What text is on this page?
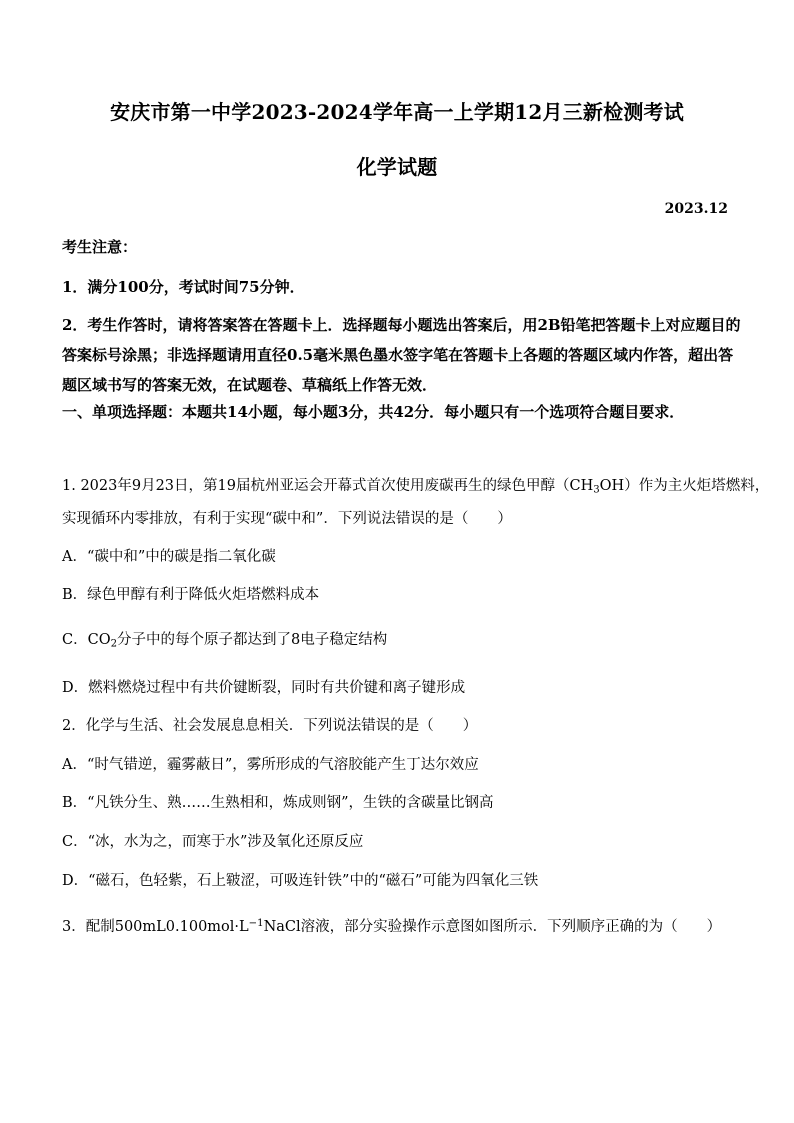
安庆市第一中学2023-2024学年高一上学期12月三新检测考试
化学试题
2023.12
考生注意：
1．满分100分，考试时间75分钟．
2．考生作答时，请将答案答在答题卡上．选择题每小题选出答案后，用2B铅笔把答题卡上对应题目的答案标号涂黑；非选择题请用直径0.5毫米黑色墨水签字笔在答题卡上各题的答题区域内作答，超出答题区域书写的答案无效，在试题卷、草稿纸上作答无效．
一、单项选择题：本题共14小题，每小题3分，共42分．每小题只有一个选项符合题目要求．
1. 2023年9月23日，第19届杭州亚运会开幕式首次使用废碳再生的绿色甲醇$(CH_3OH)$作为主火炬塔燃料，
实现循环内零排放，有利于实现“碳中和”．下列说法错误的是（　　）
A．“碳中和”中的碳是指二氧化碳
B．绿色甲醇有利于降低火炬塔燃料成本
C．$CO_2$分子中的每个原子都达到了8电子稳定结构
D．燃料燃烧过程中有共价键断裂，同时有共价键和离子键形成
2．化学与生活、社会发展息息相关．下列说法错误的是（　　）
A．“时气错逆，霾雾蔽日”，雾所形成的气溶胶能产生丁达尔效应
B．“凡铁分生、熟……生熟相和，炼成则钢”，生铁的含碳量比钢高
C．“冰，水为之，而寒于水”涉及氧化还原反应
D．“磁石，色轻紫，石上皲涩，可吸连针铁”中的“磁石”可能为四氧化三铁
3．配制$500mL0.100mol\cdot L^{-1}NaCl$溶液，部分实验操作示意图如图所示．下列顺序正确的为（　　）
